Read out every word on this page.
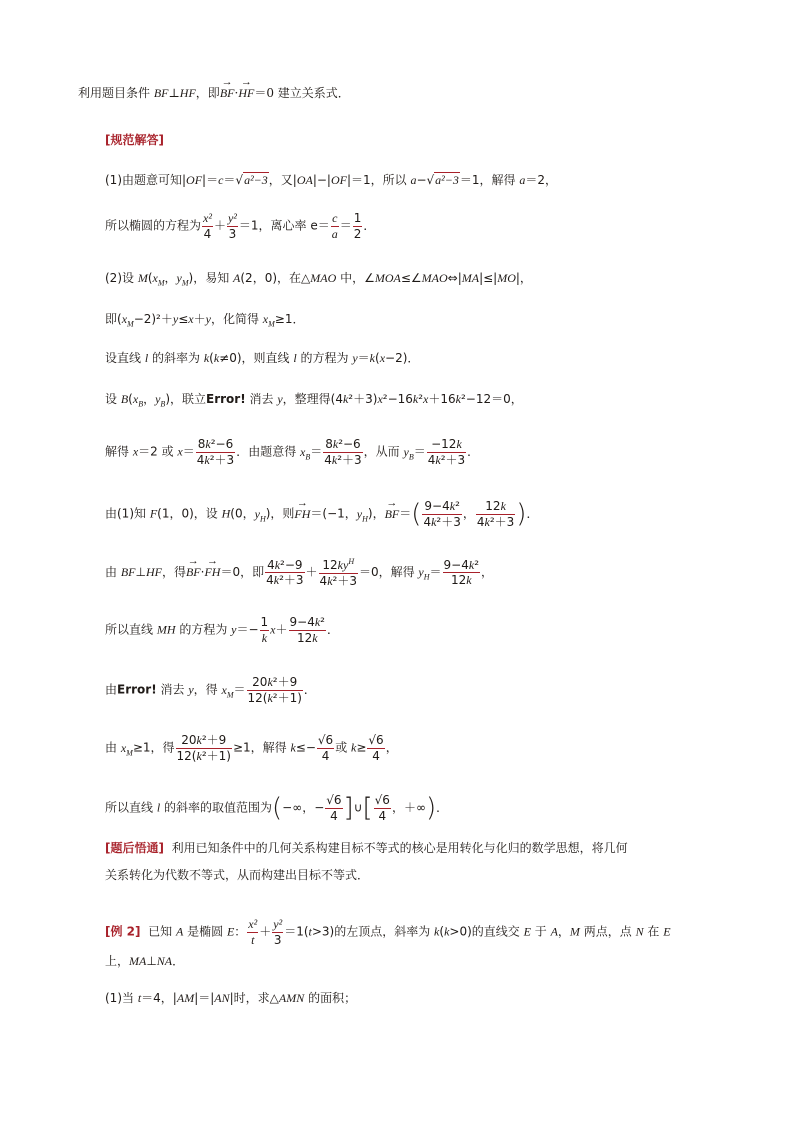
利用题目条件 BF⊥HF，即→ BF·→ HF＝0 建立关系式．
[规范解答]
(1)由题意可知|OF|＝c＝√a²−3，又|OA|−|OF|＝1，所以 a−√a²−3＝1，解得 a＝2，
所以椭圆的方程为 $\frac{\text{x²}}{4} + \frac{\text{y²}}{3} =1$，离心率 $e= \frac{c}{a} = \frac{1}{2}$ ．
(2)设 $M(x_M$，$y_M$)，易知 A(2，0)，在△MAO 中，∠MOA≤∠MAO⇔|MA|≤|MO|，
即$(x_M-2)^2+y\le x+y$，化简得 $x_M\ge 1$．
设直线 l 的斜率为 k(k≠0)，则直线 l 的方程为 y＝k(x−2)．
设 $B(x_B$，$y_B$)，联立Error! 消去 y，整理得(4k²＋3)x²−16k²x＋16k²−12＝0，
解得 x＝2 或 $x= \frac{\text{8k²−6}}{\text{4k²＋3}}$ ．由题意得 $x_B= \frac{\text{8k²−6}}{\text{4k²＋3}}$ ，从而 $y_B= \frac{-12k}{\text{4k²＋3}}$ ．
由(1)知 F(1，0)，设 H(0，$y_H$)，则→ FH＝(−1，$y_H$)，→ $BF=( \frac{\text{9−4k²}}{\text{4k²＋3}}$ ， $\frac{12k}{\text{4k²＋3}}$ )．
由 BF⊥HF，得→ BF·→ FH＝0，即 $\frac{\text{4k²−9}}{\text{4k²＋3}} + \frac{12ky^H}{\text{4k²＋3}} =0$，解得 $y_H= \frac{\text{9−4k²}}{12k}$ ，
所以直线 MH 的方程为 $y=- \frac{1}{k} x+ \frac{\text{9−4k²}}{12k}$ ．
由Error! 消去 y，得 $x_M= \frac{\text{20k²＋9}}{\text{12(k²＋1)}}$ ．
由 $x_M\ge 1$，得 $\frac{\text{20k²＋9}}{\text{12(k²＋1)}} \ge 1$，解得 $k\le- \frac{√6}{4}$ 或 $k\ge \frac{√6}{4}$ ，
所以直线 l 的斜率的取值范围为(−∞，− $\frac{√6}{4}$ ]∪[ $\frac{√6}{4}$ ，＋∞)．
[题后悟通] 利用已知条件中的几何关系构建目标不等式的核心是用转化与化归的数学思想，将几何
关系转化为代数不等式，从而构建出目标不等式．
[例 2]  已知 A 是椭圆 E： $\frac{\text{x²}}{t} + \frac{\text{y²}}{3} =1(t>3)$的左顶点，斜率为 k(k>0)的直线交 E 于 A，M 两点，点 N 在 E
上，MA⊥NA．
(1)当 t＝4，|AM|＝|AN|时，求△AMN 的面积；
